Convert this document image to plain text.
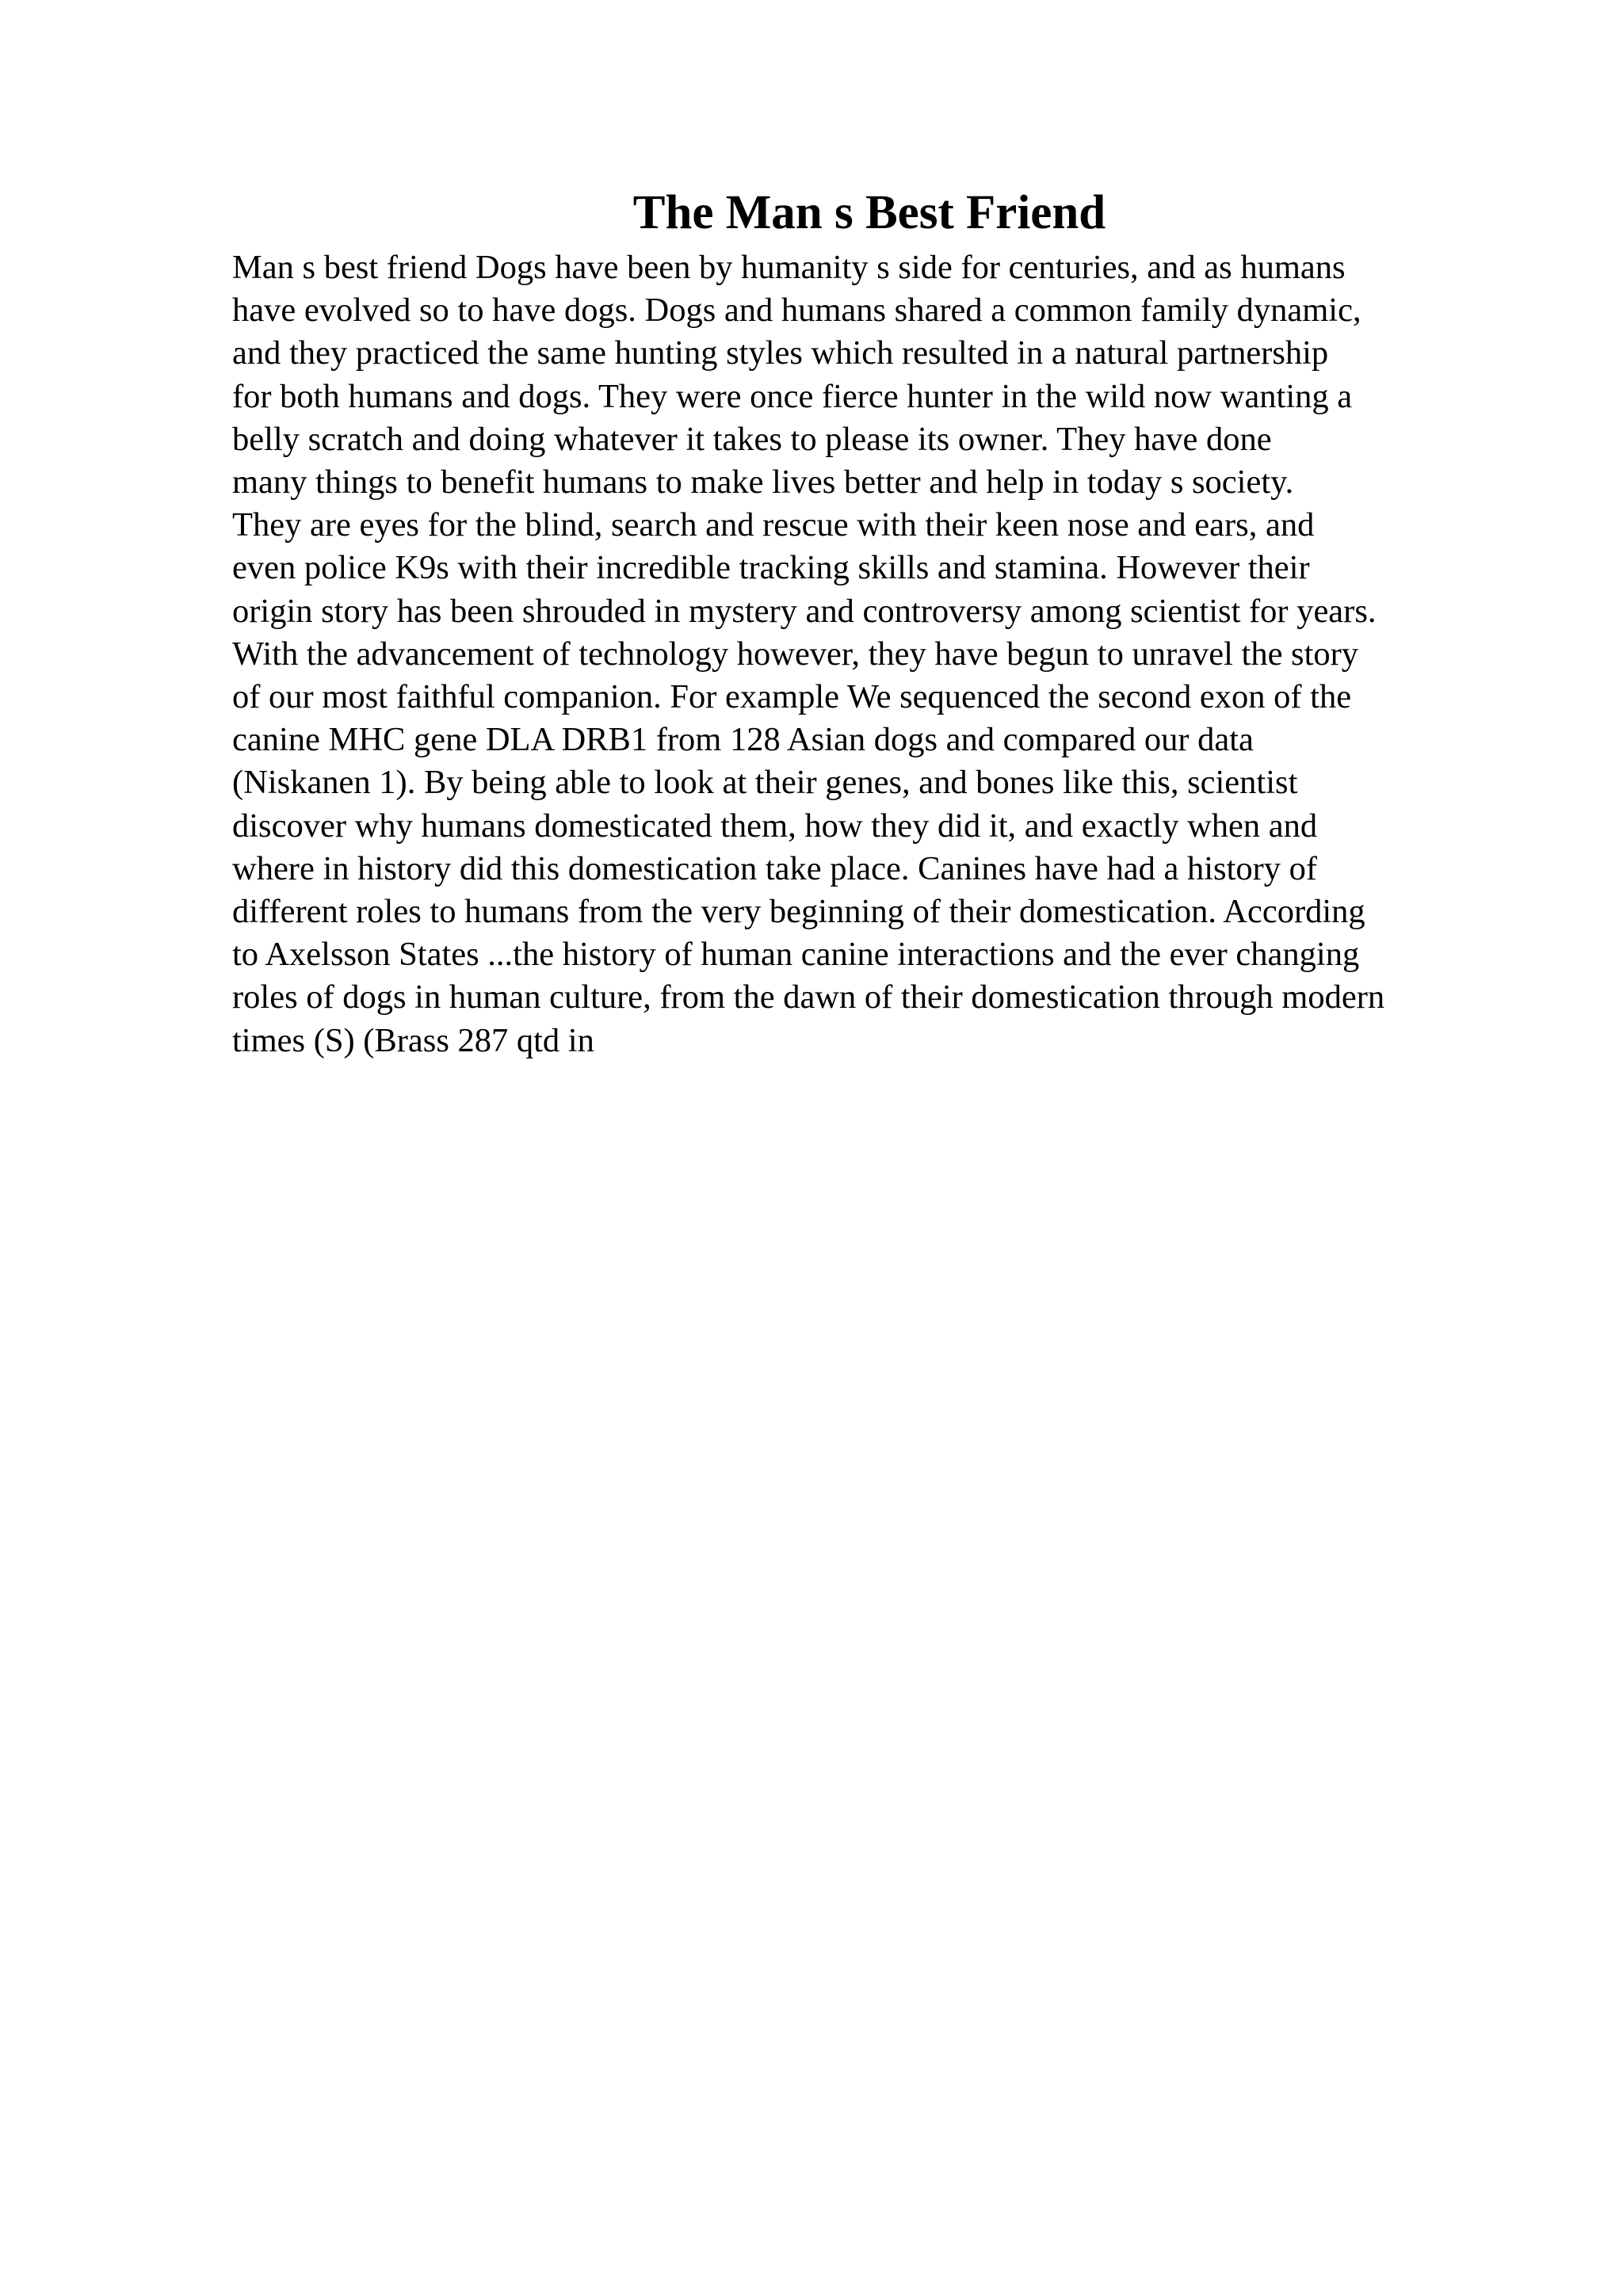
The Man s Best Friend
Man s best friend Dogs have been by humanity s side for centuries, and as humans
have evolved so to have dogs. Dogs and humans shared a common family dynamic,
and they practiced the same hunting styles which resulted in a natural partnership
for both humans and dogs. They were once fierce hunter in the wild now wanting a
belly scratch and doing whatever it takes to please its owner. They have done
many things to benefit humans to make lives better and help in today s society.
They are eyes for the blind, search and rescue with their keen nose and ears, and
even police K9s with their incredible tracking skills and stamina. However their
origin story has been shrouded in mystery and controversy among scientist for years.
With the advancement of technology however, they have begun to unravel the story
of our most faithful companion. For example We sequenced the second exon of the
canine MHC gene DLA DRB1 from 128 Asian dogs and compared our data
(Niskanen 1). By being able to look at their genes, and bones like this, scientist
discover why humans domesticated them, how they did it, and exactly when and
where in history did this domestication take place. Canines have had a history of
different roles to humans from the very beginning of their domestication. According
to Axelsson States ...the history of human canine interactions and the ever changing
roles of dogs in human culture, from the dawn of their domestication through modern
times (S) (Brass 287 qtd in
